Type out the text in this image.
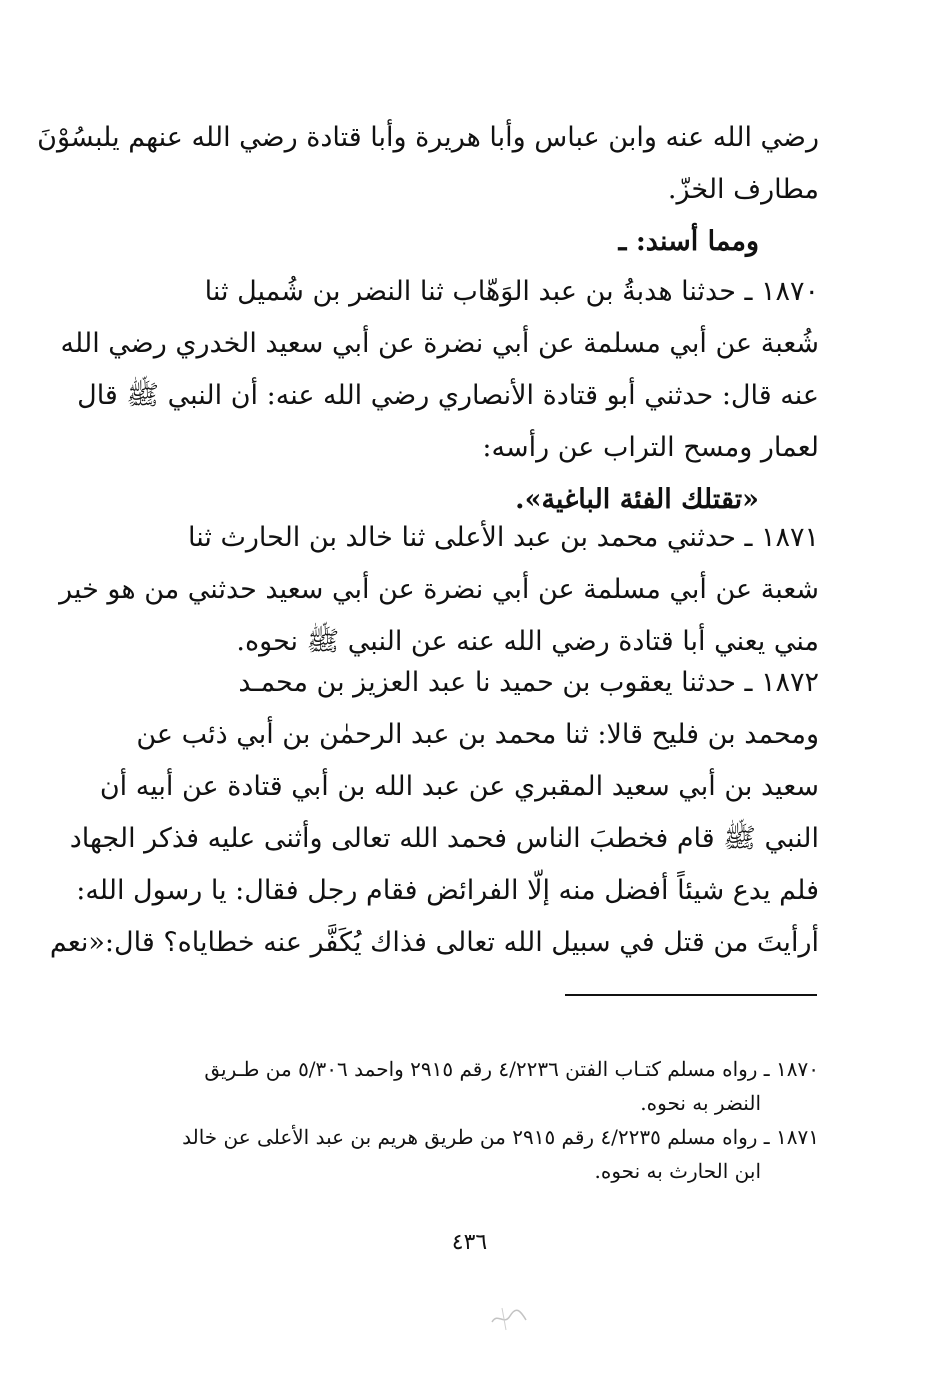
رضي الله عنه وابن عباس وأبا هريرة وأبا قتادة رضي الله عنهم يلبسُوْنَ
مطارف الخزّ.
ومما أسند: ـ
١٨٧٠ ـ حدثنا هدبةُ بن عبد الوَهّاب ثنا النضر بن شُميل ثنا
شُعبة عن أبي مسلمة عن أبي نضرة عن أبي سعيد الخدري رضي الله
عنه قال: حدثني أبو قتادة الأنصاري رضي الله عنه: أن النبي ﷺ قال
لعمار ومسح التراب عن رأسه:
«تقتلك الفئة الباغية».
١٨٧١ ـ حدثني محمد بن عبد الأعلى ثنا خالد بن الحارث ثنا
شعبة عن أبي مسلمة عن أبي نضرة عن أبي سعيد حدثني من هو خير
مني يعني أبا قتادة رضي الله عنه عن النبي ﷺ نحوه.
١٨٧٢ ـ حدثنا يعقوب بن حميد نا عبد العزيز بن محمـد
ومحمد بن فليح قالا: ثنا محمد بن عبد الرحمٰن بن أبي ذئب عن
سعيد بن أبي سعيد المقبري عن عبد الله بن أبي قتادة عن أبيه أن
النبي ﷺ قام فخطبَ الناس فحمد الله تعالى وأثنى عليه فذكر الجهاد
فلم يدع شيئاً أفضل منه إلّا الفرائض فقام رجل فقال: يا رسول الله:
أرأيتَ من قتل في سبيل الله تعالى فذاك يُكَفَّر عنه خطاياه؟ قال:«نعم
١٨٧٠ ـ رواه مسلم كتـاب الفتن ٤/٢٢٣٦ رقم ٢٩١٥ واحمد ٥/٣٠٦ من طـريق
النضر به نحوه.
١٨٧١ ـ رواه مسلم ٤/٢٢٣٥ رقم ٢٩١٥ من طريق هريم بن عبد الأعلى عن خالد
ابن الحارث به نحوه.
٤٣٦
